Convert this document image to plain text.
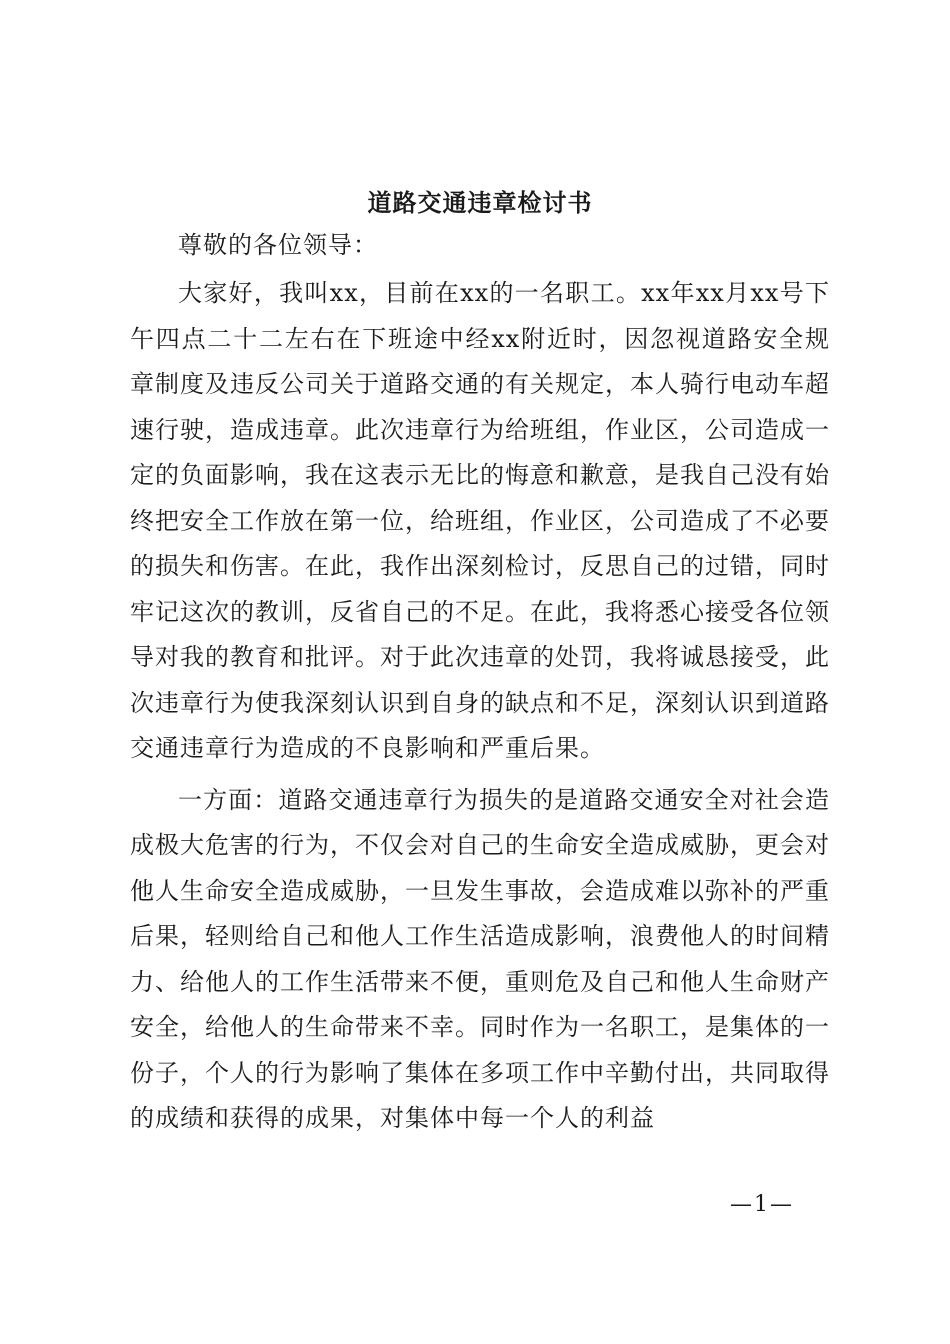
道路交通违章检讨书

尊敬的各位领导：

大家好，我叫xx，目前在xx的一名职工。xx年xx月xx号下午四点二十二左右在下班途中经xx附近时，因忽视道路安全规章制度及违反公司关于道路交通的有关规定，本人骑行电动车超速行驶，造成违章。此次违章行为给班组，作业区，公司造成一定的负面影响，我在这表示无比的悔意和歉意，是我自己没有始终把安全工作放在第一位，给班组，作业区，公司造成了不必要的损失和伤害。在此，我作出深刻检讨，反思自己的过错，同时牢记这次的教训，反省自己的不足。在此，我将悉心接受各位领导对我的教育和批评。对于此次违章的处罚，我将诚恳接受，此次违章行为使我深刻认识到自身的缺点和不足，深刻认识到道路交通违章行为造成的不良影响和严重后果。

一方面：道路交通违章行为损失的是道路交通安全对社会造成极大危害的行为，不仅会对自己的生命安全造成威胁，更会对他人生命安全造成威胁，一旦发生事故，会造成难以弥补的严重后果，轻则给自己和他人工作生活造成影响，浪费他人的时间精力、给他人的工作生活带来不便，重则危及自己和他人生命财产安全，给他人的生命带来不幸。同时作为一名职工，是集体的一份子，个人的行为影响了集体在多项工作中辛勤付出，共同取得的成绩和获得的成果，对集体中每一个人的利益

—1—
